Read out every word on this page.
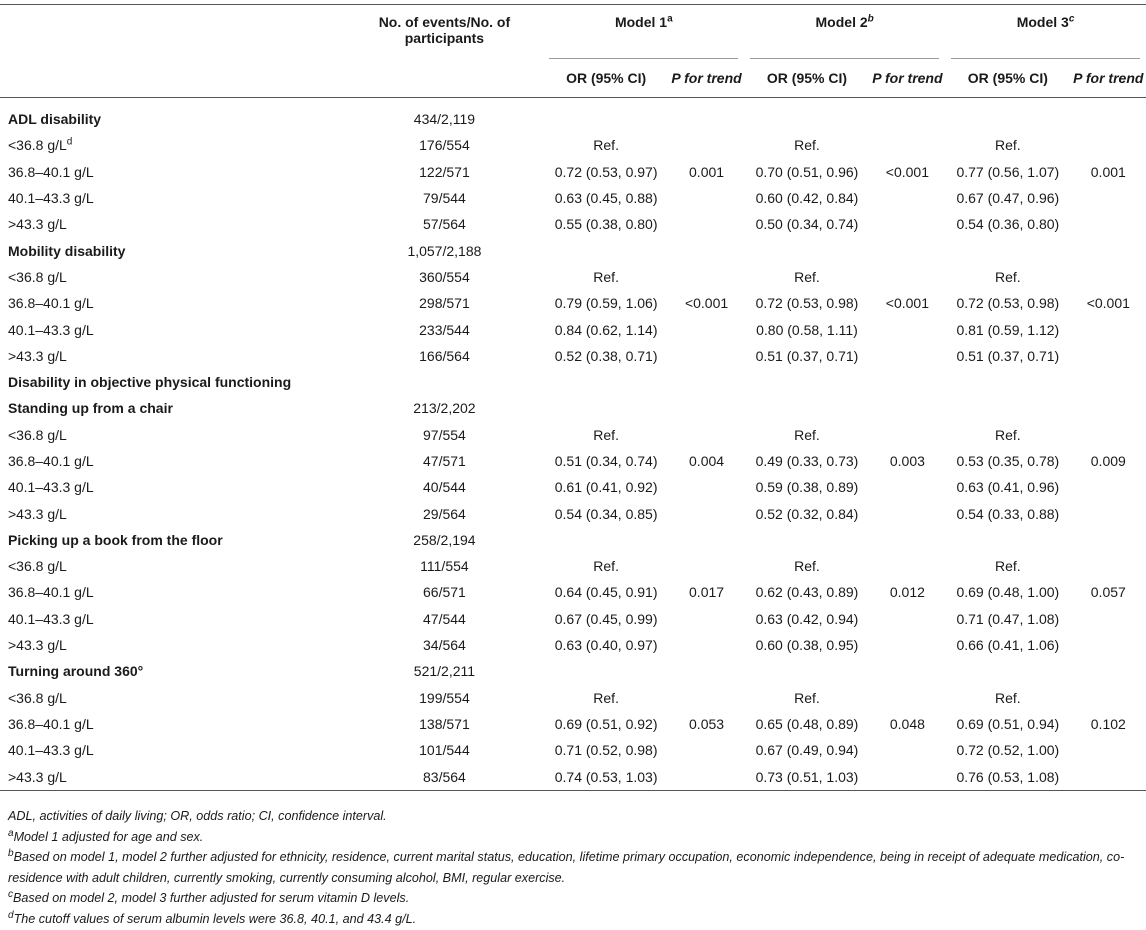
	No. of events/No. of participants	Model 1$^a$		Model 2$^b$		Model 3$^c$
		OR (95% CI)	P for trend	OR (95% CI)	P for trend	OR (95% CI)	P for trend
ADL disability	434/2,119						
<36.8 $g/L^d$	176/554	Ref.		Ref.		Ref.	
36.8–40.1 g/L	122/571	0.72 (0.53, 0.97)	0.001	0.70 (0.51, 0.96)	<0.001	0.77 (0.56, 1.07)	0.001
40.1–43.3 g/L	79/544	0.63 (0.45, 0.88)		0.60 (0.42, 0.84)		0.67 (0.47, 0.96)	
>43.3 g/L	57/564	0.55 (0.38, 0.80)		0.50 (0.34, 0.74)		0.54 (0.36, 0.80)	
Mobility disability	1,057/2,188						
<36.8 g/L	360/554	Ref.		Ref.		Ref.	
36.8–40.1 g/L	298/571	0.79 (0.59, 1.06)	<0.001	0.72 (0.53, 0.98)	<0.001	0.72 (0.53, 0.98)	<0.001
40.1–43.3 g/L	233/544	0.84 (0.62, 1.14)		0.80 (0.58, 1.11)		0.81 (0.59, 1.12)	
>43.3 g/L	166/564	0.52 (0.38, 0.71)		0.51 (0.37, 0.71)		0.51 (0.37, 0.71)	
Disability in objective physical functioning							
Standing up from a chair	213/2,202						
<36.8 g/L	97/554	Ref.		Ref.		Ref.	
36.8–40.1 g/L	47/571	0.51 (0.34, 0.74)	0.004	0.49 (0.33, 0.73)	0.003	0.53 (0.35, 0.78)	0.009
40.1–43.3 g/L	40/544	0.61 (0.41, 0.92)		0.59 (0.38, 0.89)		0.63 (0.41, 0.96)	
>43.3 g/L	29/564	0.54 (0.34, 0.85)		0.52 (0.32, 0.84)		0.54 (0.33, 0.88)	
Picking up a book from the floor	258/2,194						
<36.8 g/L	111/554	Ref.		Ref.		Ref.	
36.8–40.1 g/L	66/571	0.64 (0.45, 0.91)	0.017	0.62 (0.43, 0.89)	0.012	0.69 (0.48, 1.00)	0.057
40.1–43.3 g/L	47/544	0.67 (0.45, 0.99)		0.63 (0.42, 0.94)		0.71 (0.47, 1.08)	
>43.3 g/L	34/564	0.63 (0.40, 0.97)		0.60 (0.38, 0.95)		0.66 (0.41, 1.06)	
Turning around 360°	521/2,211						
<36.8 g/L	199/554	Ref.		Ref.		Ref.	
36.8–40.1 g/L	138/571	0.69 (0.51, 0.92)	0.053	0.65 (0.48, 0.89)	0.048	0.69 (0.51, 0.94)	0.102
40.1–43.3 g/L	101/544	0.71 (0.52, 0.98)		0.67 (0.49, 0.94)		0.72 (0.52, 1.00)	
>43.3 g/L	83/564	0.74 (0.53, 1.03)		0.73 (0.51, 1.03)		0.76 (0.53, 1.08)	

ADL, activities of daily living; OR, odds ratio; CI, confidence interval.

$^a$Model 1 adjusted for age and sex.

$^b$Based on model 1, model 2 further adjusted for ethnicity, residence, current marital status, education, lifetime primary occupation, economic independence, being in receipt of adequate medication, co-residence with adult children, currently smoking, currently consuming alcohol, BMI, regular exercise.

$^c$Based on model 2, model 3 further adjusted for serum vitamin D levels.

$^d$The cutoff values of serum albumin levels were 36.8, 40.1, and 43.4 g/L.
